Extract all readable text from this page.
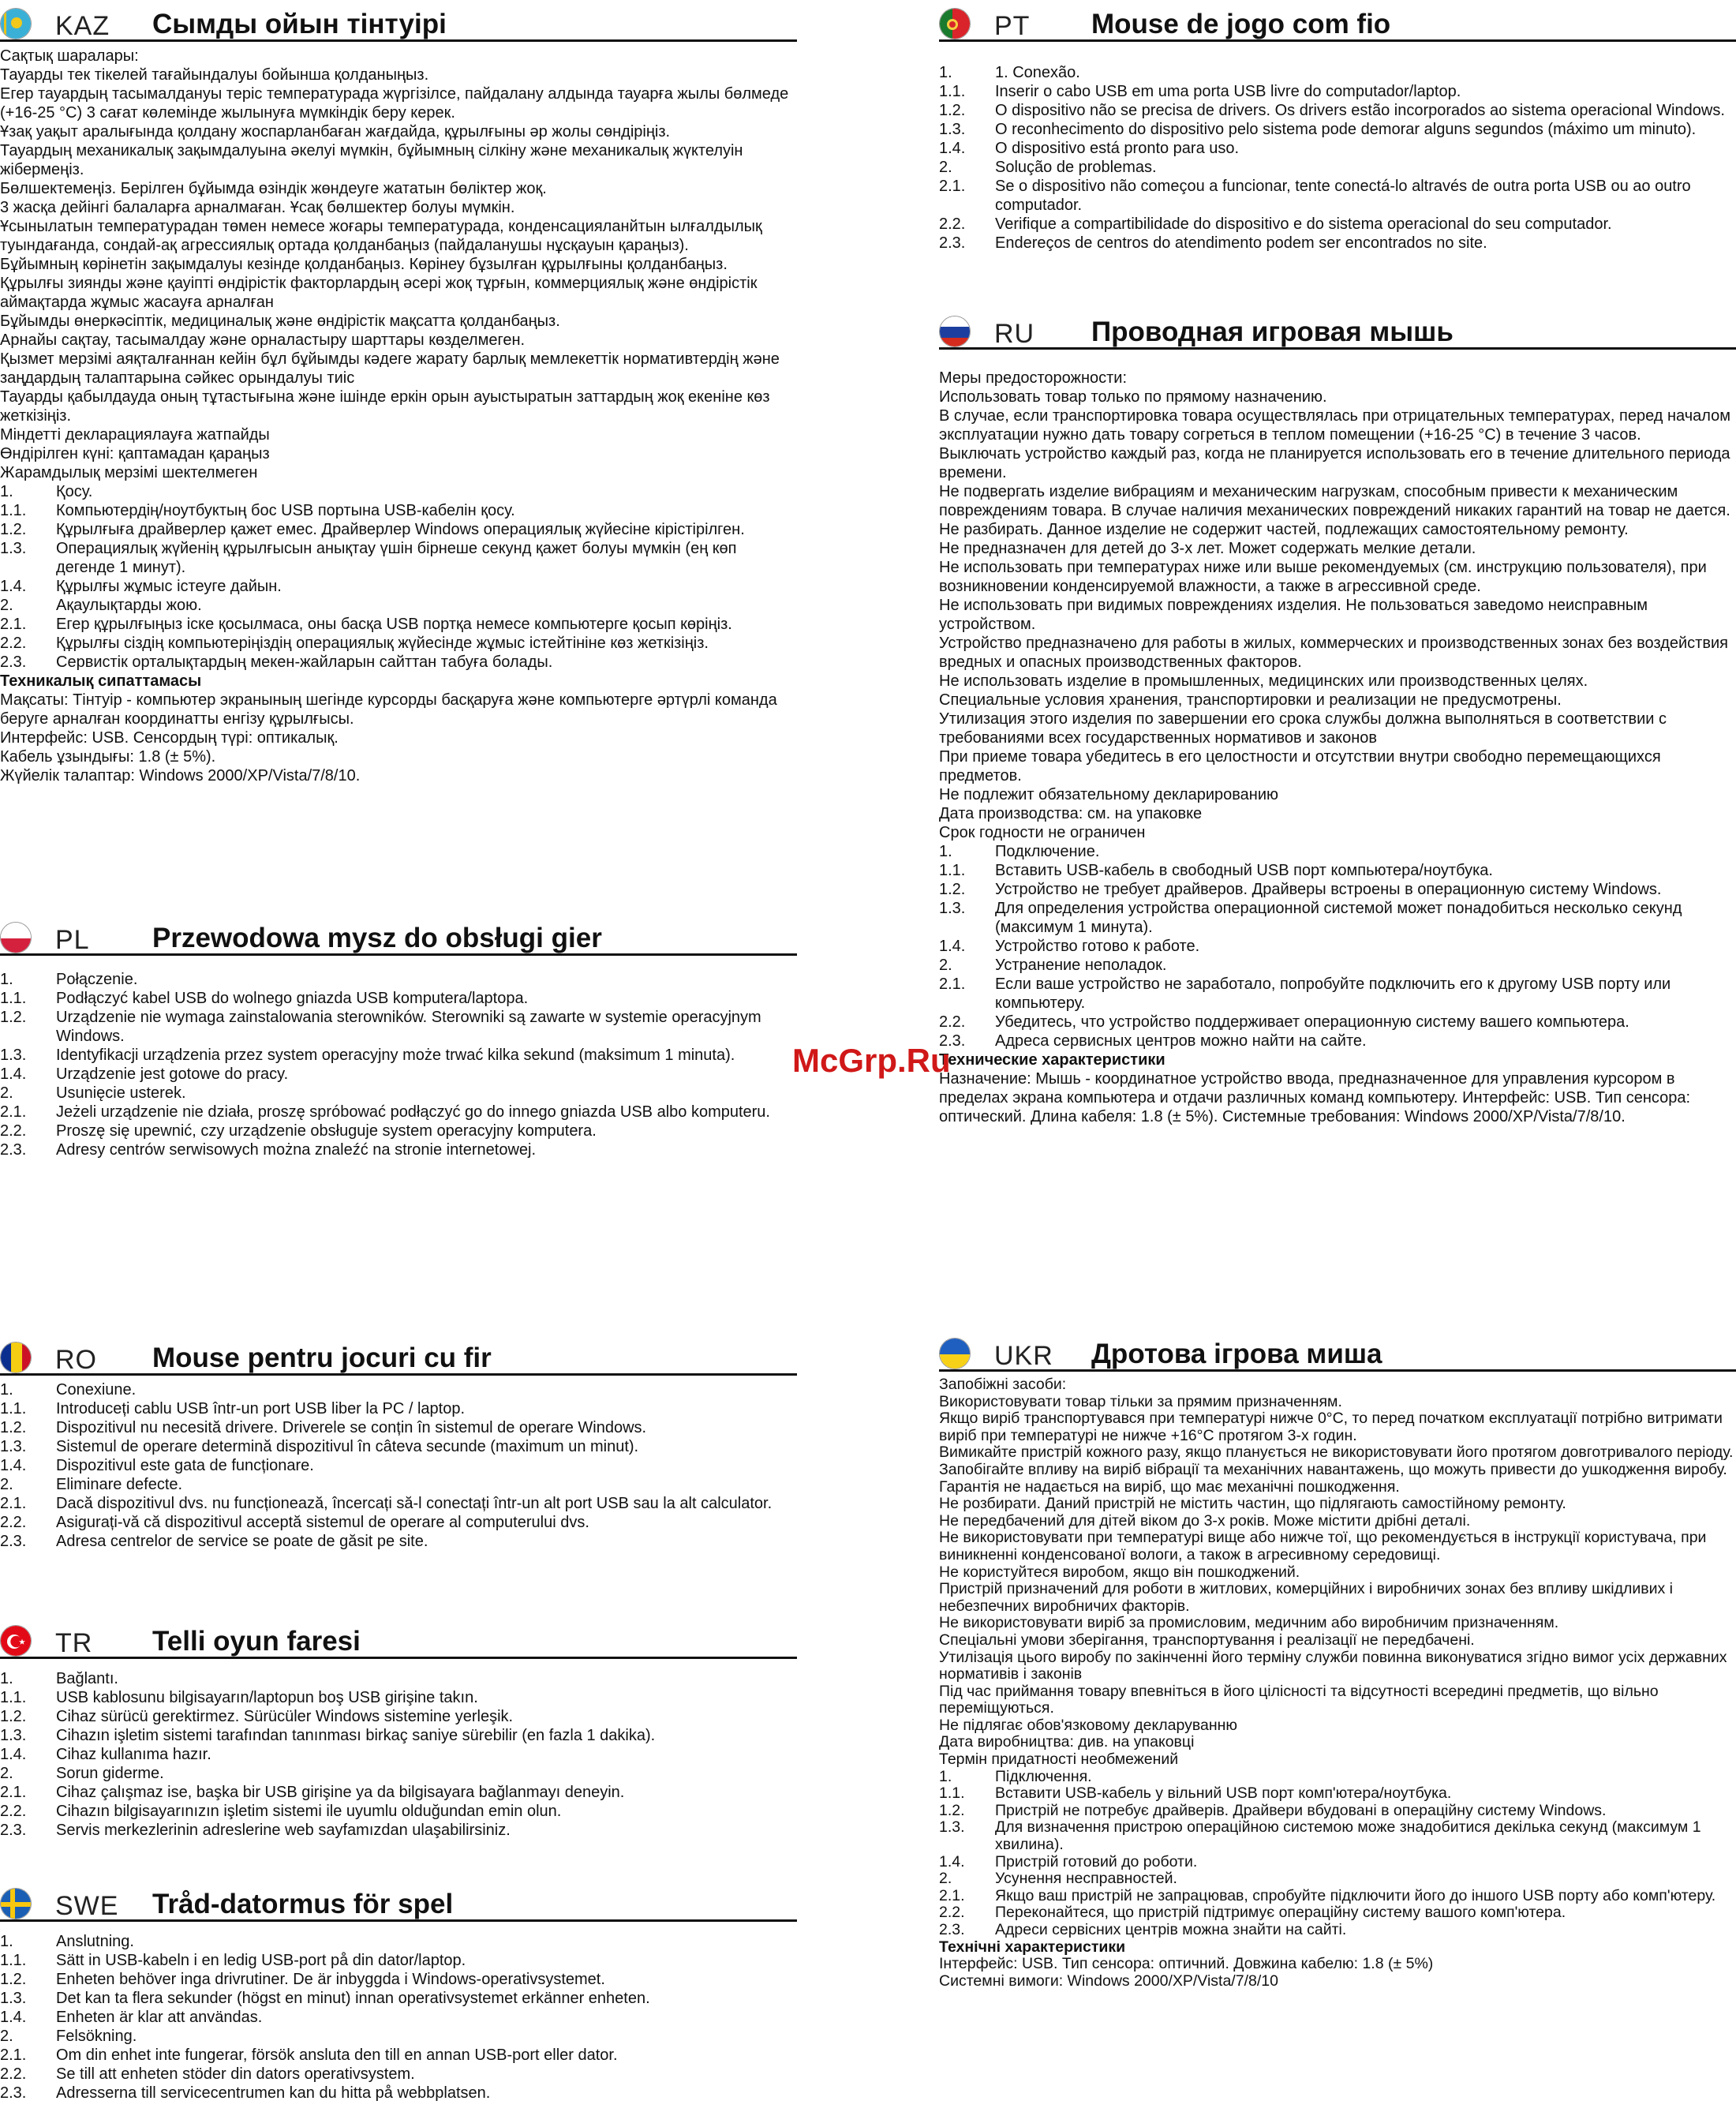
KAZ Сымды ойын тінтуірі

Сақтық шаралары:

Тауарды тек тікелей тағайындалуы бойынша қолданыңыз.

Егер тауардың тасымалдануы теріс температурада жүргізілсе, пайдалану алдында тауарға жылы бөлмеде (+16-25 °С) 3 сағат көлемінде жылынуға мүмкіндік беру керек.

Ұзақ уақыт аралығында қолдану жоспарланбаған жағдайда, құрылғыны әр жолы сөндіріңіз.

Тауардың механикалық зақымдалуына әкелуі мүмкін, бұйымның сілкіну және механикалық жүктелуін жібермеңіз.

Бөлшектемеңіз. Берілген бұйымда өзіндік жөндеуге жататын бөліктер жоқ.

3 жасқа дейінгі балаларға арналмаған. Ұсақ бөлшектер болуы мүмкін.

Ұсынылатын температурадан төмен немесе жоғары температурада, конденсацияланйтын ылғалдылық туындағанда, сондай-ақ агрессиялық ортада қолданбаңыз (пайдаланушы нұсқауын қараңыз).

Бұйымның көрінетін зақымдалуы кезінде қолданбаңыз. Көрінеу бұзылған құрылғыны қолданбаңыз.

Құрылғы зиянды және қауіпті өндірістік факторлардың әсері жоқ тұрғын, коммерциялық және өндірістік аймақтарда жұмыс жасауға арналған

Бұйымды өнеркәсіптік, медициналық және өндірістік мақсатта қолданбаңыз.

Арнайы сақтау, тасымалдау және орналастыру шарттары көзделмеген.

Қызмет мерзімі аяқталғаннан кейін бұл бұйымды кәдеге жарату барлық мемлекеттік нормативтердің және заңдардың талаптарына сәйкес орындалуы тиіс

Тауарды қабылдауда оның тұтастығына және ішінде еркін орын ауыстыратын заттардың жоқ екеніне көз жеткізіңіз.

Міндетті декларациялауға жатпайды

Өндірілген күні: қаптамадан қараңыз

Жарамдылық мерзімі шектелмеген

1.	Қосу.
1.1. Компьютердің/ноутбуктың бос USB портына USB-кабелін қосу.
1.2. Құрылғыға драйверлер қажет емес. Драйверлер Windows операциялық жүйесіне кірістірілген.
1.3. Операциялық жүйенің құрылғысын анықтау үшін бірнеше секунд қажет болуы мүмкін (ең көп дегенде 1 минут).
1.4. Құрылғы жұмыс істеуге дайын.
2.	Ақаулықтарды жою.
2.1. Егер құрылғыңыз іске қосылмаса, оны басқа USB портқа немесе компьютерге қосып көріңіз.
2.2. Құрылғы сіздің компьютеріңіздің операциялық жүйесінде жұмыс істейтініне көз жеткізіңіз.
2.3. Сервистік орталықтардың мекен-жайларын сайттан табуға болады.

Техникалық сипаттамасы

Мақсаты: Тінтуір - компьютер экранының шегінде курсорды басқаруға және компьютерге әртүрлі команда беруге арналған координатты енгізу құрылғысы.

Интерфейс: USB. Сенсордың түрі: оптикалық.

Кабель ұзындығы: 1.8 (± 5%).

Жүйелік талаптар: Windows 2000/XP/Vista/7/8/10.

PL Przewodowa mysz do obsługi gier
1.	Połączenie.
1.1. Podłączyć kabel USB do wolnego gniazda USB komputera/laptopa.
1.2. Urządzenie nie wymaga zainstalowania sterowników. Sterowniki są zawarte w systemie operacyjnym Windows.
1.3. Identyfikacji urządzenia przez system operacyjny może trwać kilka sekund (maksimum 1 minuta).
1.4. Urządzenie jest gotowe do pracy.
2.	Usunięcie usterek.
2.1. Jeżeli urządzenie nie działa, proszę spróbować podłączyć go do innego gniazda USB albo komputeru.
2.2. Proszę się upewnić, czy urządzenie obsługuje system operacyjny komputera.
2.3. Adresy centrów serwisowych można znaleźć na stronie internetowej.
PT Mouse de jogo com fio
1.	1. Conexão.
1.1. Inserir o cabo USB em uma porta USB livre do computador/laptop.
1.2. O dispositivo não se precisa de drivers. Os drivers estão incorporados ao sistema operacional Windows.
1.3. O reconhecimento do dispositivo pelo sistema pode demorar alguns segundos (máximo um minuto).
1.4. O dispositivo está pronto para uso.
2.	Solução de problemas.
2.1. Se o dispositivo não começou a funcionar, tente conectá-lo altravés de outra porta USB ou ao outro computador.
2.2. Verifique a compartibilidade do dispositivo e do sistema operacional do seu computador.
2.3. Endereços de centros do atendimento podem ser encontrados no site.
RU Проводная игровая мышь

Меры предосторожности:

Использовать товар только по прямому назначению.

В случае, если транспортировка товара осуществлялась при отрицательных температурах, перед началом эксплуатации нужно дать товару согреться в теплом помещении (+16-25 °С) в течение 3 часов.

Выключать устройство каждый раз, когда не планируется использовать его в течение длительного периода времени.

Не подвергать изделие вибрациям и механическим нагрузкам, способным привести к механическим повреждениям товара. В случае наличия механических повреждений никаких гарантий на товар не дается.

Не разбирать. Данное изделие не содержит частей, подлежащих самостоятельному ремонту.

Не предназначен для детей до 3-х лет. Может содержать мелкие детали.

Не использовать при температурах ниже или выше рекомендуемых (см. инструкцию пользователя), при возникновении конденсируемой влажности, а также в агрессивной среде.

Не использовать при видимых повреждениях изделия. Не пользоваться заведомо неисправным устройством.

Устройство предназначено для работы в жилых, коммерческих и производственных зонах без воздействия вредных и опасных производственных факторов.

Не использовать изделие в промышленных, медицинских или производственных целях.

Специальные условия хранения, транспортировки и реализации не предусмотрены.

Утилизация этого изделия по завершении его срока службы должна выполняться в соответствии с требованиями всех государственных нормативов и законов

При приеме товара убедитесь в его целостности и отсутствии внутри свободно перемещающихся предметов.

Не подлежит обязательному декларированию

Дата производства: см. на упаковке

Срок годности не ограничен

1.	Подключение.
1.1. Вставить USB-кабель в свободный USB порт компьютера/ноутбука.
1.2. Устройство не требует драйверов. Драйверы встроены в операционную систему Windows.
1.3. Для определения устройства операционной системой может понадобиться несколько секунд (максимум 1 минута).
1.4. Устройство готово к работе.
2.	Устранение неполадок.
2.1. Если ваше устройство не заработало, попробуйте подключить его к другому USB порту или компьютеру.
2.2. Убедитесь, что устройство поддерживает операционную систему вашего компьютера.
2.3. Адреса сервисных центров можно найти на сайте.

Технические характеристики

Назначение: Мышь - координатное устройство ввода, предназначенное для управления курсором в пределах экрана компьютера и отдачи различных команд компьютеру. Интерфейс: USB. Тип сенсора: оптический. Длина кабеля: 1.8 (± 5%). Системные требования: Windows 2000/XP/Vista/7/8/10.

RO Mouse pentru jocuri cu fir
1.	Conexiune.
1.1. Introduceți cablu USB într-un port USB liber la PC / laptop.
1.2. Dispozitivul nu necesită drivere. Driverele se conțin în sistemul de operare Windows.
1.3. Sistemul de operare determină dispozitivul în câteva secunde (maximum un minut).
1.4. Dispozitivul este gata de funcționare.
2.	Eliminare defecte.
2.1. Dacă dispozitivul dvs. nu funcționează, încercați să-l conectați într-un alt port USB sau la alt calculator.
2.2. Asigurați-vă că dispozitivul acceptă sistemul de operare al computerului dvs.
2.3. Adresa centrelor de service se poate de găsit pe site.
TR Telli oyun faresi
1.	Bağlantı.
1.1. USB kablosunu bilgisayarın/laptopun boş USB girişine takın.
1.2. Cihaz sürücü gerektirmez. Sürücüler Windows sistemine yerleşik.
1.3. Cihazın işletim sistemi tarafından tanınması birkaç saniye sürebilir (en fazla 1 dakika).
1.4. Cihaz kullanıma hazır.
2.	Sorun giderme.
2.1. Cihaz çalışmaz ise, başka bir USB girişine ya da bilgisayara bağlanmayı deneyin.
2.2. Cihazın bilgisayarınızın işletim sistemi ile uyumlu olduğundan emin olun.
2.3. Servis merkezlerinin adreslerine web sayfamızdan ulaşabilirsiniz.
SWE Tråd-datormus för spel
1.	Anslutning.
1.1. Sätt in USB-kabeln i en ledig USB-port på din dator/laptop.
1.2. Enheten behöver inga drivrutiner. De är inbyggda i Windows-operativsystemet.
1.3. Det kan ta flera sekunder (högst en minut) innan operativsystemet erkänner enheten.
1.4. Enheten är klar att användas.
2.	Felsökning.
2.1. Om din enhet inte fungerar, försök ansluta den till en annan USB-port eller dator.
2.2. Se till att enheten stöder din dators operativsystem.
2.3. Adresserna till servicecentrumen kan du hitta på webbplatsen.
UKR Дротова ігрова миша

Запобіжні засоби:

Використовувати товар тільки за прямим призначенням.

Якщо виріб транспортувався при температурі нижче 0°С, то перед початком експлуатації потрібно витримати виріб при температурі не нижче +16°С протягом 3-х годин.

Вимикайте пристрій кожного разу, якщо планується не використовувати його протягом довготривалого періоду.

Запобігайте впливу на виріб вібрації та механічних навантажень, що можуть привести до ушкодження виробу. Гарантія не надається на виріб, що має механічні пошкодження.

Не розбирати. Даний пристрій не містить частин, що підлягають самостійному ремонту.

Не передбачений для дітей віком до 3-х років. Може містити дрібні деталі.

Не використовувати при температурі вище або нижче тої, що рекомендується в інструкції користувача, при виникненні конденсованої вологи, а також в агресивному середовищі.

Не користуйтеся виробом, якщо він пошкоджений.

Пристрій призначений для роботи в житлових, комерційних і виробничих зонах без впливу шкідливих і небезпечних виробничих факторів.

Не використовувати виріб за промисловим, медичним або виробничим призначенням.

Спеціальні умови зберігання, транспортування і реалізації не передбачені.

Утилізація цього виробу по закінченні його терміну служби повинна виконуватися згідно вимог усіх державних нормативів і законів

Під час приймання товару впевніться в його цілісності та відсутності всередині предметів, що вільно переміщуються.

Не підлягає обов'язковому декларуванню

Дата виробництва: див. на упаковці

Термін придатності необмежений

1.	Підключення.
1.1. Вставити USB-кабель у вільний USB порт комп'ютера/ноутбука.
1.2. Пристрій не потребує драйверів. Драйвери вбудовані в операційну систему Windows.
1.3. Для визначення пристрою операційною системою може знадобитися декілька секунд (максимум 1 хвилина).
1.4. Пристрій готовий до роботи.
2.	Усунення несправностей.
2.1. Якщо ваш пристрій не запрацював, спробуйте підключити його до іншого USB порту або комп'ютеру.
2.2. Переконайтеся, що пристрій підтримує операційну систему вашого комп'ютера.
2.3. Адреси сервісних центрів можна знайти на сайті.

Технічні характеристики

Інтерфейс: USB. Тип сенсора: оптичний. Довжина кабелю: 1.8 (± 5%)

Системні вимоги: Windows 2000/XP/Vista/7/8/10

McGrp.Ru
